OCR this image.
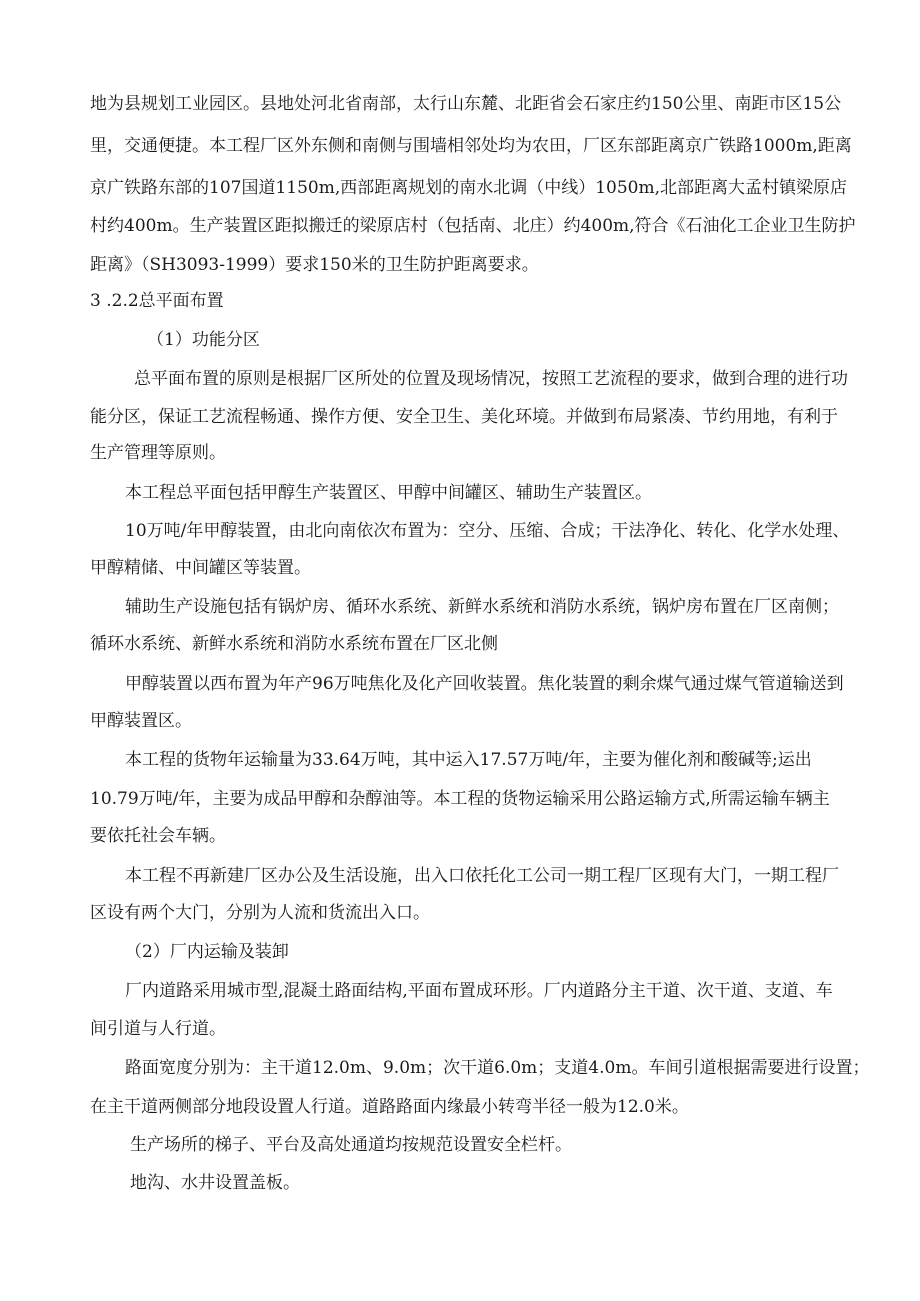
地为县规划工业园区。县地处河北省南部，太行山东麓、北距省会石家庄约150公里、南距市区15公
里，交通便捷。本工程厂区外东侧和南侧与围墙相邻处均为农田，厂区东部距离京广铁路1000m,距离
京广铁路东部的107国道1150m,西部距离规划的南水北调（中线）1050m,北部距离大孟村镇梁原店
村约400m。生产装置区距拟搬迁的梁原店村（包括南、北庄）约400m,符合《石油化工企业卫生防护
距离》（SH3093-1999）要求150米的卫生防护距离要求。
3 .2.2总平面布置
（1）功能分区
总平面布置的原则是根据厂区所处的位置及现场情况，按照工艺流程的要求，做到合理的进行功
能分区，保证工艺流程畅通、操作方便、安全卫生、美化环境。并做到布局紧凑、节约用地，有利于
生产管理等原则。
本工程总平面包括甲醇生产装置区、甲醇中间罐区、辅助生产装置区。
10万吨/年甲醇装置，由北向南依次布置为：空分、压缩、合成；干法净化、转化、化学水处理、
甲醇精储、中间罐区等装置。
辅助生产设施包括有锅炉房、循环水系统、新鲜水系统和消防水系统，锅炉房布置在厂区南侧；
循环水系统、新鲜水系统和消防水系统布置在厂区北侧
甲醇装置以西布置为年产96万吨焦化及化产回收装置。焦化装置的剩余煤气通过煤气管道输送到
甲醇装置区。
本工程的货物年运输量为33.64万吨，其中运入17.57万吨/年，主要为催化剂和酸碱等;运出
10.79万吨/年，主要为成品甲醇和杂醇油等。本工程的货物运输采用公路运输方式,所需运输车辆主
要依托社会车辆。
本工程不再新建厂区办公及生活设施，出入口依托化工公司一期工程厂区现有大门，一期工程厂
区设有两个大门，分别为人流和货流出入口。
（2）厂内运输及装卸
厂内道路采用城市型,混凝土路面结构,平面布置成环形。厂内道路分主干道、次干道、支道、车
间引道与人行道。
路面宽度分别为：主干道12.0m、9.0m；次干道6.0m；支道4.0m。车间引道根据需要进行设置；
在主干道两侧部分地段设置人行道。道路路面内缘最小转弯半径一般为12.0米。
生产场所的梯子、平台及高处通道均按规范设置安全栏杆。
地沟、水井设置盖板。
